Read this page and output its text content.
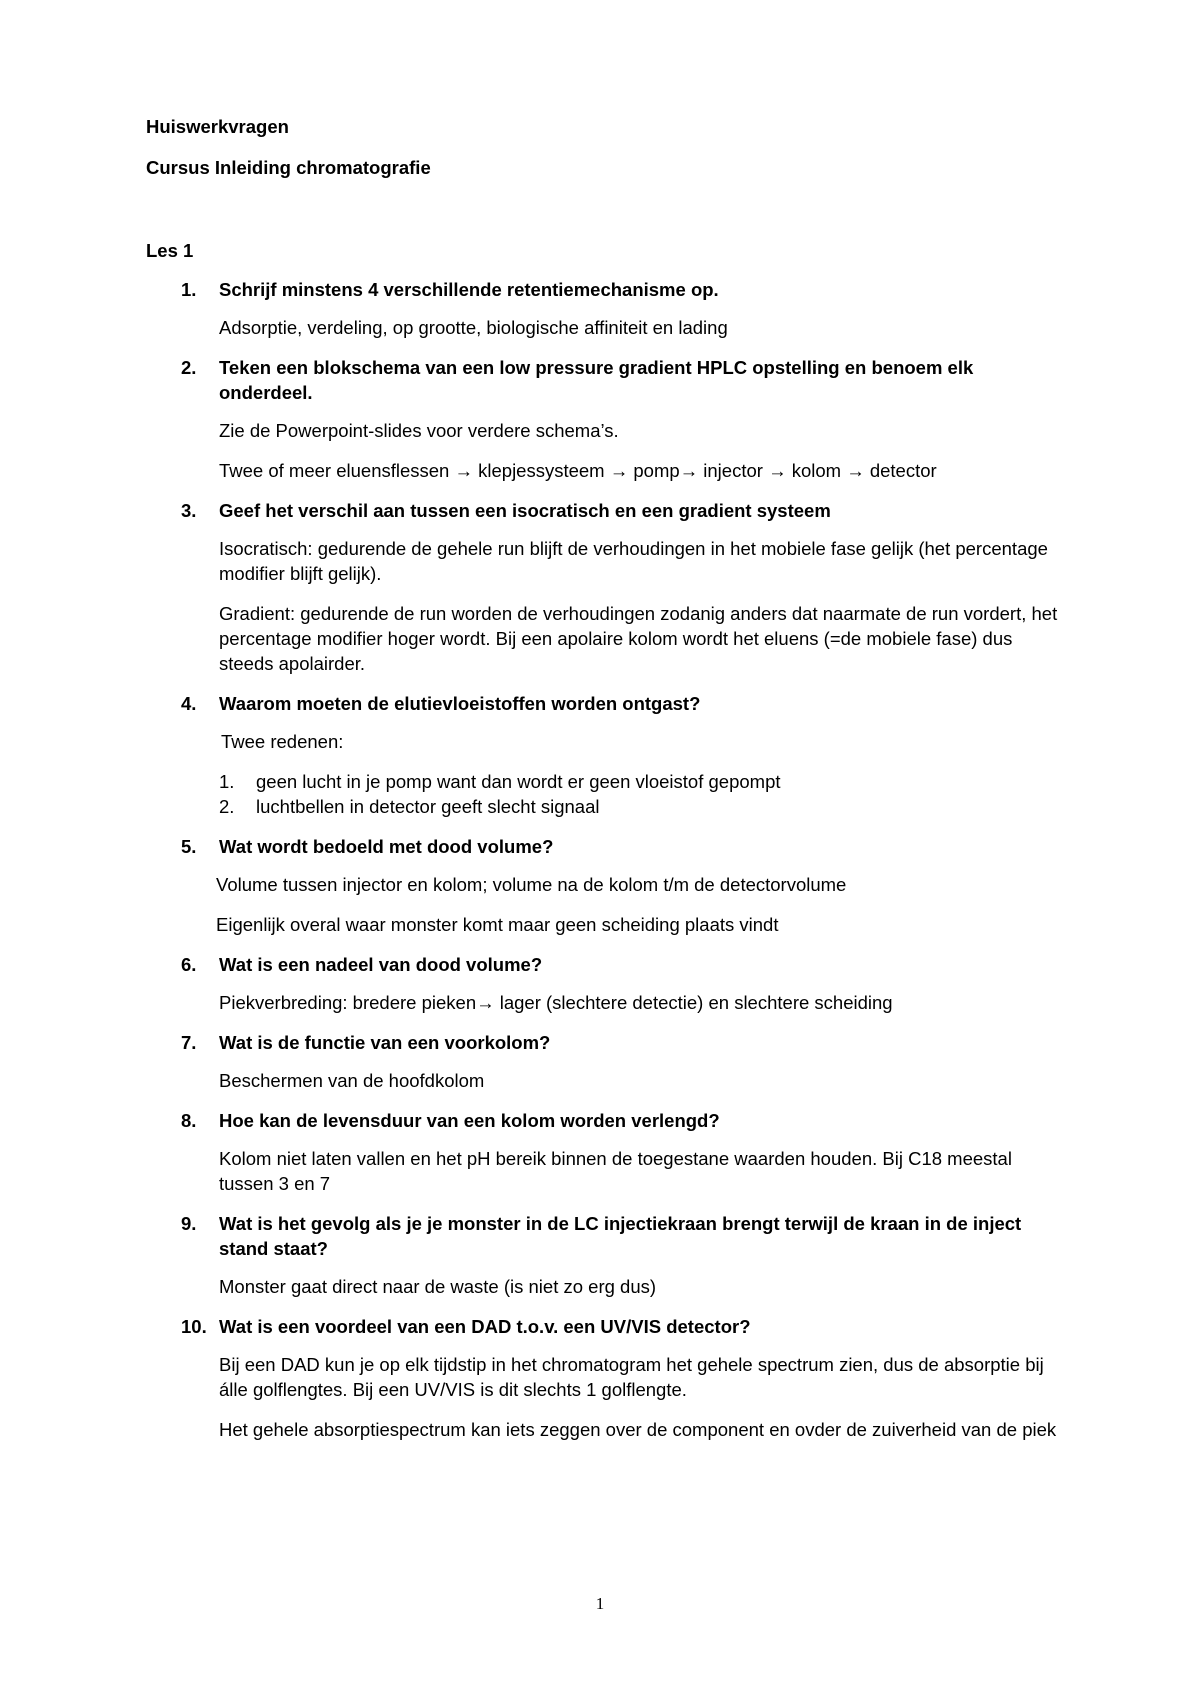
Huiswerkvragen

Cursus Inleiding chromatografie

Les 1

1. Schrijf minstens 4 verschillende retentiemechanisme op.

Adsorptie, verdeling, op grootte, biologische affiniteit en lading

2. Teken een blokschema van een low pressure gradient HPLC opstelling en benoem elk onderdeel.

Zie de Powerpoint-slides voor verdere schema’s.

Twee of meer eluensflessen → klepjessysteem → pomp→ injector → kolom → detector

3. Geef het verschil aan tussen een isocratisch en een gradient systeem

Isocratisch: gedurende de gehele run blijft de verhoudingen in het mobiele fase gelijk (het percentage modifier blijft gelijk).

Gradient: gedurende de run worden de verhoudingen zodanig anders dat naarmate de run vordert, het percentage modifier hoger wordt. Bij een apolaire kolom wordt het eluens (=de mobiele fase) dus steeds apolairder.

4. Waarom moeten de elutievloeistoffen worden ontgast?

Twee redenen:

1. geen lucht in je pomp want dan wordt er geen vloeistof gepompt
2. luchtbellen in detector geeft slecht signaal
5. Wat wordt bedoeld met dood volume?

Volume tussen injector en kolom; volume na de kolom t/m de detectorvolume

Eigenlijk overal waar monster komt maar geen scheiding plaats vindt

6. Wat is een nadeel van dood volume?

Piekverbreding: bredere pieken→ lager (slechtere detectie) en slechtere scheiding

7. Wat is de functie van een voorkolom?

Beschermen van de hoofdkolom

8. Hoe kan de levensduur van een kolom worden verlengd?

Kolom niet laten vallen en het pH bereik binnen de toegestane waarden houden. Bij C18 meestal tussen 3 en 7

9. Wat is het gevolg als je je monster in de LC injectiekraan brengt terwijl de kraan in de inject stand staat?

Monster gaat direct naar de waste (is niet zo erg dus)

10. Wat is een voordeel van een DAD t.o.v. een UV/VIS detector?

Bij een DAD kun je op elk tijdstip in het chromatogram het gehele spectrum zien, dus de absorptie bij álle golflengtes. Bij een UV/VIS is dit slechts 1 golflengte.

Het gehele absorptiespectrum kan iets zeggen over de component en ovder de zuiverheid van de piek

1
